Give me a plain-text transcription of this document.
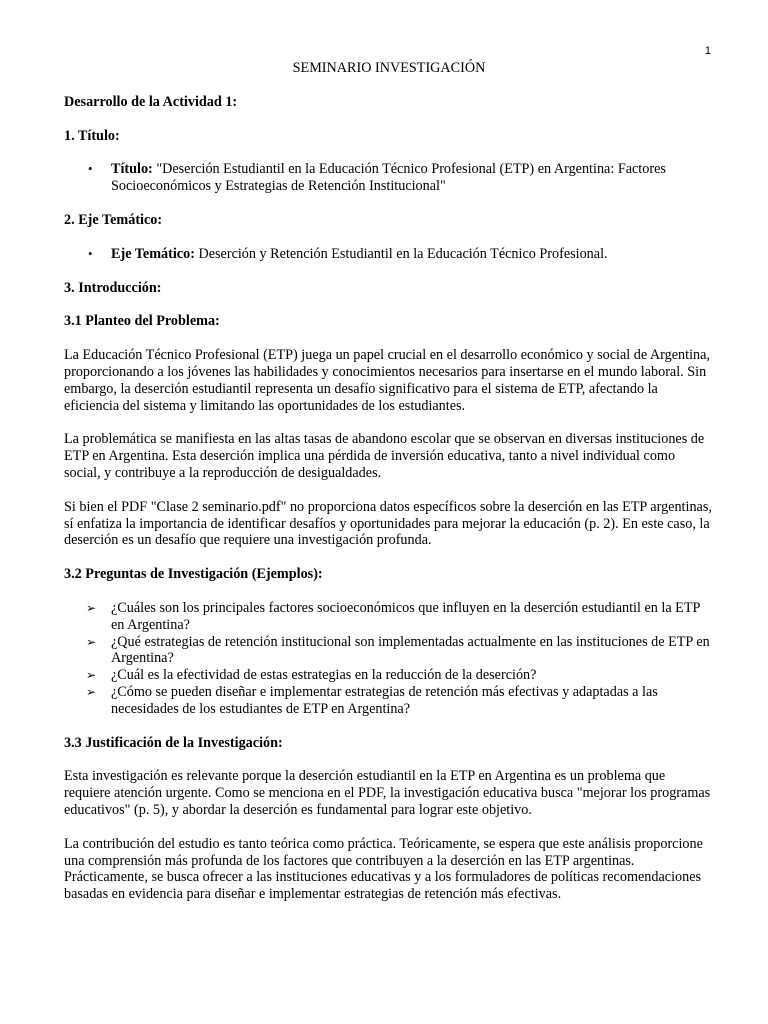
1
SEMINARIO INVESTIGACIÓN
Desarrollo de la Actividad 1:
1. Título:
• Título: "Deserción Estudiantil en la Educación Técnico Profesional (ETP) en Argentina: Factores Socioeconómicos y Estrategias de Retención Institucional"
2. Eje Temático:
• Eje Temático: Deserción y Retención Estudiantil en la Educación Técnico Profesional.
3. Introducción:
3.1 Planteo del Problema:
La Educación Técnico Profesional (ETP) juega un papel crucial en el desarrollo económico y social de Argentina, proporcionando a los jóvenes las habilidades y conocimientos necesarios para insertarse en el mundo laboral. Sin embargo, la deserción estudiantil representa un desafío significativo para el sistema de ETP, afectando la eficiencia del sistema y limitando las oportunidades de los estudiantes.
La problemática se manifiesta en las altas tasas de abandono escolar que se observan en diversas instituciones de ETP en Argentina. Esta deserción implica una pérdida de inversión educativa, tanto a nivel individual como social, y contribuye a la reproducción de desigualdades.
Si bien el PDF "Clase 2 seminario.pdf" no proporciona datos específicos sobre la deserción en las ETP argentinas, sí enfatiza la importancia de identificar desafíos y oportunidades para mejorar la educación (p. 2). En este caso, la deserción es un desafío que requiere una investigación profunda.
3.2 Preguntas de Investigación (Ejemplos):
➢ ¿Cuáles son los principales factores socioeconómicos que influyen en la deserción estudiantil en la ETP en Argentina?
➢ ¿Qué estrategias de retención institucional son implementadas actualmente en las instituciones de ETP en Argentina?
➢ ¿Cuál es la efectividad de estas estrategias en la reducción de la deserción?
➢ ¿Cómo se pueden diseñar e implementar estrategias de retención más efectivas y adaptadas a las necesidades de los estudiantes de ETP en Argentina?
3.3 Justificación de la Investigación:
Esta investigación es relevante porque la deserción estudiantil en la ETP en Argentina es un problema que requiere atención urgente. Como se menciona en el PDF, la investigación educativa busca "mejorar los programas educativos" (p. 5), y abordar la deserción es fundamental para lograr este objetivo.
La contribución del estudio es tanto teórica como práctica. Teóricamente, se espera que este análisis proporcione una comprensión más profunda de los factores que contribuyen a la deserción en las ETP argentinas. Prácticamente, se busca ofrecer a las instituciones educativas y a los formuladores de políticas recomendaciones basadas en evidencia para diseñar e implementar estrategias de retención más efectivas.
